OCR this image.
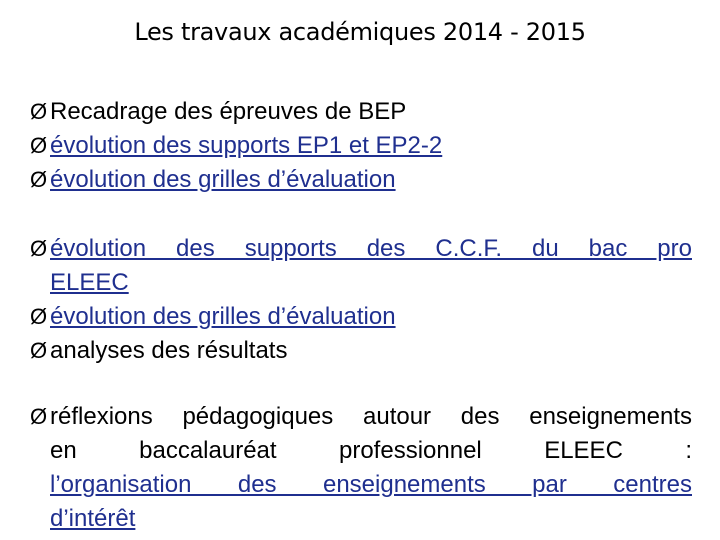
Les travaux académiques 2014 - 2015
Ø Recadrage des épreuves de BEP
Ø évolution des supports EP1 et EP2-2
Ø évolution des grilles d’évaluation
Ø évolution des supports des C.C.F. du bac pro
ELEEC
Ø évolution des grilles d’évaluation
Ø analyses des résultats
Ø réflexions pédagogiques autour des enseignements
en baccalauréat professionnel ELEEC :
l’organisation des enseignements par centres
d’intérêt
